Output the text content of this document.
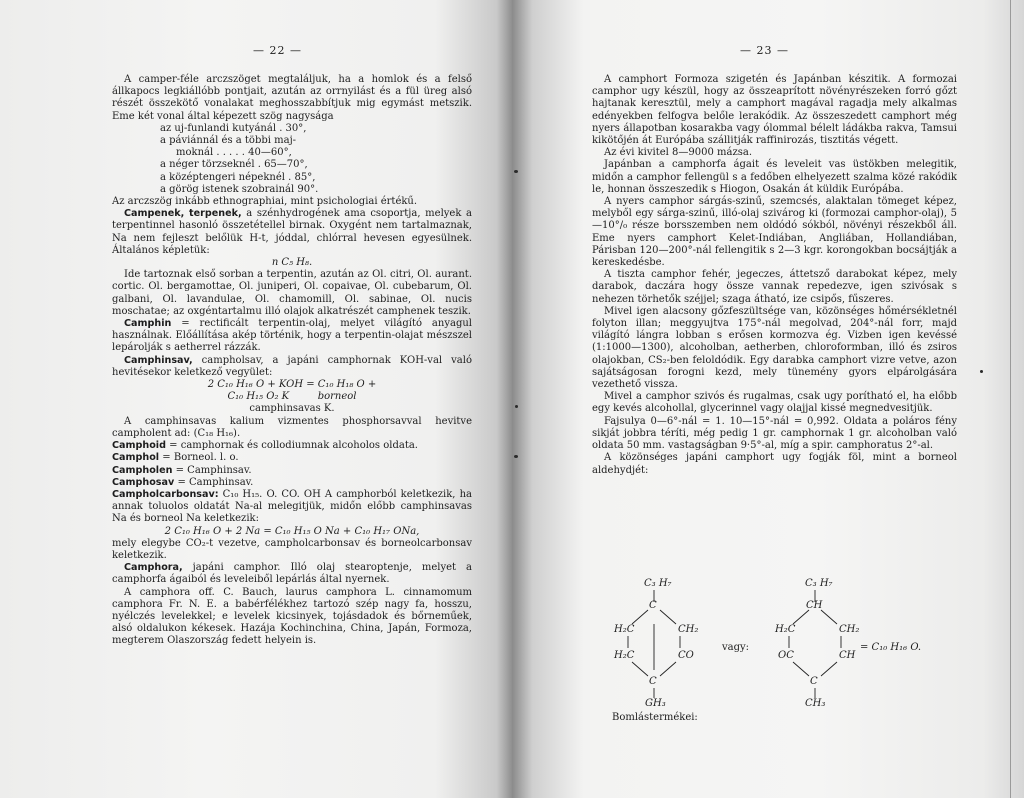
— 22 —

A camper-féle arczszöget megtaláljuk, ha a homlok és a felső állkapocs legkiállóbb pontjait, azután az orrnyilást és a fül üreg alsó részét összekötő vonalakat meghosszabbítjuk mig egymást metszik. Eme két vonal által képezett szög nagysága

az uj-funlandi kutyánál . 30°,
a páviánnál és a többi maj-
moknál . . . . . 40—60°,
a néger törzseknél . 65—70°,
a középtengeri népeknél . 85°,
a görög istenek szobrainál 90°.

Az arczszög inkább ethnographiai, mint psichologiai értékű.

Campenek, terpenek, a szénhydrogének ama csoportja, melyek a terpentinnel hasonló összetétellel birnak. Oxygént nem tartalmaznak, Na nem fejleszt belőlük H-t, jóddal, chlórral hevesen egyesülnek. Általános képletük:

n C₅ H₈.

Ide tartoznak első sorban a terpentin, azután az Ol. citri, Ol. aurant. cortic. Ol. bergamottae, Ol. juniperi, Ol. copaivae, Ol. cubebarum, Ol. galbani, Ol. lavandulae, Ol. chamomill, Ol. sabinae, Ol. nucis moschatae; az oxgéntartalmu illó olajok alkatrészét camphenek teszik.

Camphin = rectificált terpentin-olaj, melyet világító anyagul használnak. Előállítása akép történik, hogy a terpentin-olajat mészszel lepárolják s aetherrel rázzák.

Camphinsav, campholsav, a japáni camphornak KOH-val való hevitésekor keletkező vegyület:

2 C₁₀ H₁₆ O + KOH = C₁₀ H₁₈ O +
C₁₀ H₁₅ O₂ K         borneol
camphinsavas K.

A camphinsavas kalium vizmentes phosphorsavval hevitve campholent ad: (C₁₈ H₁₆).

Camphoid = camphornak és collodiumnak alcoholos oldata.

Camphol = Borneol. l. o.

Campholen = Camphinsav.

Camphosav = Camphinsav.

Campholcarbonsav: C₁₀ H₁₅. O. CO. OH A camphorból keletkezik, ha annak toluolos oldatát Na-al melegitjük, midőn előbb camphinsavas Na és borneol Na keletkezik:

2 C₁₀ H₁₆ O + 2 Na = C₁₀ H₁₅ O Na + C₁₀ H₁₇ ONa,

mely elegybe CO₂-t vezetve, campholcarbonsav és borneolcarbonsav keletkezik.

Camphora, japáni camphor. Illó olaj stearoptenje, melyet a camphorfa ágaiból és leveleiből lepárlás által nyernek.

A camphora off. C. Bauch, laurus camphora L. cinnamomum camphora Fr. N. E. a babérfélékhez tartozó szép nagy fa, hosszu, nyélczés levelekkel; e levelek kicsinyek, tojásdadok és bőrneműek, alsó oldalukon kékesek. Hazája Kochinchina, China, Japán, Formoza, megterem Olaszország fedett helyein is.

— 23 —

A camphort Formoza szigetén és Japánban készitik. A formozai camphor ugy készül, hogy az összeaprított növényrészeken forró gőzt hajtanak keresztül, mely a camphort magával ragadja mely alkalmas edényekben felfogva belőle lerakódik. Az összeszedett camphort még nyers állapotban kosarakba vagy ólommal bélelt ládákba rakva, Tamsui kikötőjén át Európába szállitják raffinirozás, tisztitás végett.

Az évi kivitel 8—9000 mázsa.

Japánban a camphorfa ágait és leveleit vas üstökben melegitik, midőn a camphor fellengül s a fedőben elhelyezett szalma közé rakódik le, honnan összeszedik s Hiogon, Osakán át küldik Európába.

A nyers camphor sárgás-szinű, szemcsés, alaktalan tömeget képez, melyből egy sárga-szinű, illó-olaj szivárog ki (formozai camphor-olaj), 5—10°/₀ része borsszemben nem oldódó sókból, növényi részekből áll. Eme nyers camphort Kelet-Indiában, Angliában, Hollandiában, Párisban 120—200°-nál fellengitik s 2—3 kgr. korongokban bocsájtják a kereskedésbe.

A tiszta camphor fehér, jegeczes, áttetsző darabokat képez, mely darabok, daczára hogy össze vannak repedezve, igen szivósak s nehezen törhetők széjjel; szaga átható, ize csipős, fűszeres.

Mivel igen alacsony gőzfeszültsége van, közönséges hőmérsékletnél folyton illan; meggyujtva 175°-nál megolvad, 204°-nál forr, majd világító lángra lobban s erősen kormozva ég. Vizben igen kevéssé (1:1000—1300), alcoholban, aetherben, chloroformban, illó és zsiros olajokban, CS₂-ben feloldódik. Egy darabka camphort vizre vetve, azon sajátságosan forogni kezd, mely tünemény gyors elpárolgására vezethető vissza.

Mivel a camphor szivós és rugalmas, csak ugy porítható el, ha előbb egy kevés alcohollal, glycerinnel vagy olajjal kissé megnedvesitjük.

Fajsulya 0—6°-nál = 1. 10—15°-nál = 0,992. Oldata a poláros fény sikját jobbra téríti, még pedig 1 gr. camphornak 1 gr. alcoholban való oldata 50 mm. vastagságban 9·5°-al, míg a spir. camphoratus 2°-al.

A közönséges japáni camphort ugy fogják föl, mint a borneol aldehydjét:

C₃ H₇
C
H₂C	CH₂
H₂C	CO
C
GH₃
vagy:
C₃ H₇
CH
H₂C	CH₂
OC	CH
C
CH₃
= C₁₀ H₁₆ O.
Bomlástermékei:
